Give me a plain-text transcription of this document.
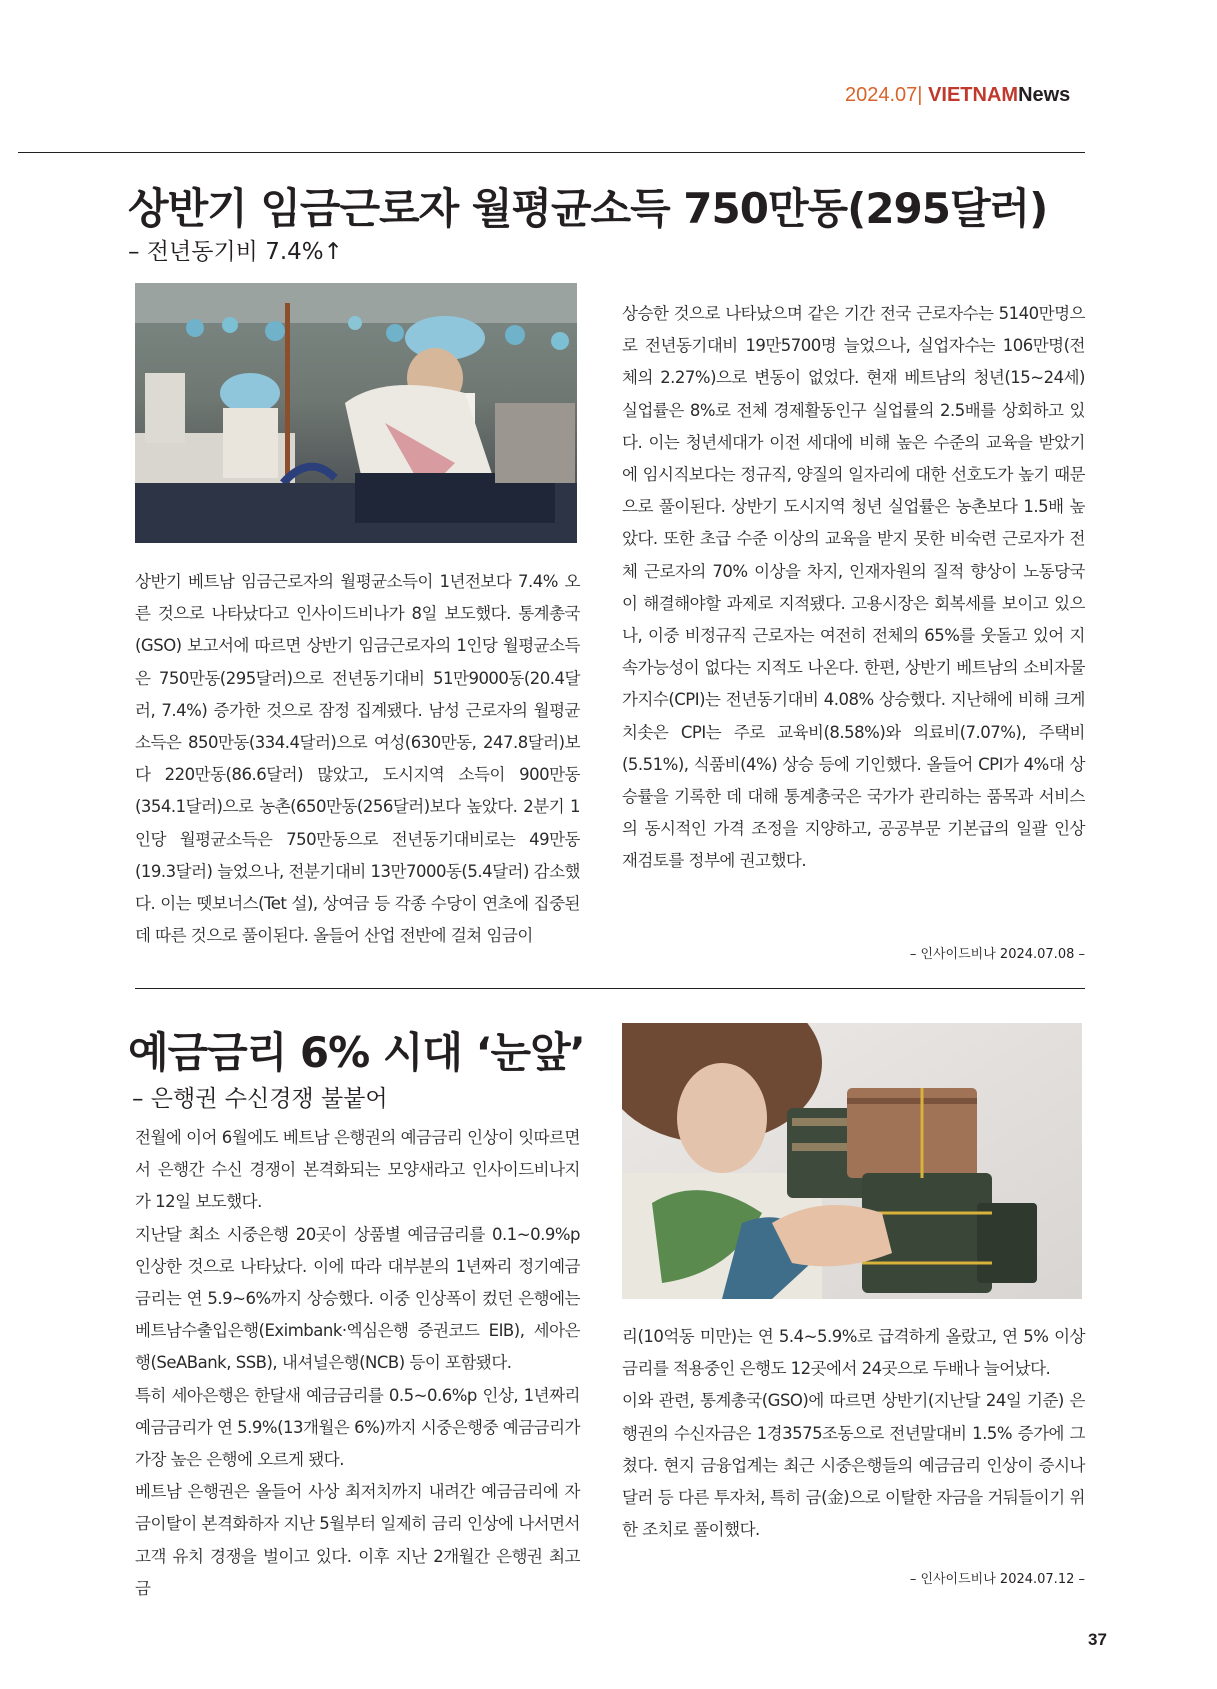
2024.07| VIETNAMNews
상반기 임금근로자 월평균소득 750만동(295달러)
– 전년동기비 7.4%↑
상반기 베트남 임금근로자의 월평균소득이 1년전보다 7.4% 오른 것으로 나타났다고 인사이드비나가 8일 보도했다. 통계총국(GSO) 보고서에 따르면 상반기 임금근로자의 1인당 월평균소득은 750만동(295달러)으로 전년동기대비 51만9000동(20.4달러, 7.4%) 증가한 것으로 잠정 집계됐다. 남성 근로자의 월평균소득은 850만동(334.4달러)으로 여성(630만동, 247.8달러)보다 220만동(86.6달러) 많았고, 도시지역 소득이 900만동(354.1달러)으로 농촌(650만동(256달러)보다 높았다. 2분기 1인당 월평균소득은 750만동으로 전년동기대비로는 49만동(19.3달러) 늘었으나, 전분기대비 13만7000동(5.4달러) 감소했다. 이는 뗏보너스(Tet 설), 상여금 등 각종 수당이 연초에 집중된 데 따른 것으로 풀이된다. 올들어 산업 전반에 걸쳐 임금이
상승한 것으로 나타났으며 같은 기간 전국 근로자수는 5140만명으로 전년동기대비 19만5700명 늘었으나, 실업자수는 106만명(전체의 2.27%)으로 변동이 없었다. 현재 베트남의 청년(15~24세) 실업률은 8%로 전체 경제활동인구 실업률의 2.5배를 상회하고 있다. 이는 청년세대가 이전 세대에 비해 높은 수준의 교육을 받았기에 임시직보다는 정규직, 양질의 일자리에 대한 선호도가 높기 때문으로 풀이된다. 상반기 도시지역 청년 실업률은 농촌보다 1.5배 높았다. 또한 초급 수준 이상의 교육을 받지 못한 비숙련 근로자가 전체 근로자의 70% 이상을 차지, 인재자원의 질적 향상이 노동당국이 해결해야할 과제로 지적됐다. 고용시장은 회복세를 보이고 있으나, 이중 비정규직 근로자는 여전히 전체의 65%를 웃돌고 있어 지속가능성이 없다는 지적도 나온다. 한편, 상반기 베트남의 소비자물가지수(CPI)는 전년동기대비 4.08% 상승했다. 지난해에 비해 크게 치솟은 CPI는 주로 교육비(8.58%)와 의료비(7.07%), 주택비(5.51%), 식품비(4%) 상승 등에 기인했다. 올들어 CPI가 4%대 상승률을 기록한 데 대해 통계총국은 국가가 관리하는 품목과 서비스의 동시적인 가격 조정을 지양하고, 공공부문 기본급의 일괄 인상 재검토를 정부에 권고했다.
– 인사이드비나 2024.07.08 –
예금금리 6% 시대 ‘눈앞’
– 은행권 수신경쟁 불붙어

전월에 이어 6월에도 베트남 은행권의 예금금리 인상이 잇따르면서 은행간 수신 경쟁이 본격화되는 모양새라고 인사이드비나지가 12일 보도했다.

지난달 최소 시중은행 20곳이 상품별 예금금리를 0.1~0.9%p 인상한 것으로 나타났다. 이에 따라 대부분의 1년짜리 정기예금 금리는 연 5.9~6%까지 상승했다. 이중 인상폭이 컸던 은행에는 베트남수출입은행(Eximbank·엑심은행 증권코드 EIB), 세아은행(SeABank, SSB), 내셔널은행(NCB) 등이 포함됐다.

특히 세아은행은 한달새 예금금리를 0.5~0.6%p 인상, 1년짜리 예금금리가 연 5.9%(13개월은 6%)까지 시중은행중 예금금리가 가장 높은 은행에 오르게 됐다.

베트남 은행권은 올들어 사상 최저치까지 내려간 예금금리에 자금이탈이 본격화하자 지난 5월부터 일제히 금리 인상에 나서면서 고객 유치 경쟁을 벌이고 있다. 이후 지난 2개월간 은행권 최고 금

리(10억동 미만)는 연 5.4~5.9%로 급격하게 올랐고, 연 5% 이상 금리를 적용중인 은행도 12곳에서 24곳으로 두배나 늘어났다.

이와 관련, 통계총국(GSO)에 따르면 상반기(지난달 24일 기준) 은행권의 수신자금은 1경3575조동으로 전년말대비 1.5% 증가에 그쳤다. 현지 금융업계는 최근 시중은행들의 예금금리 인상이 증시나 달러 등 다른 투자처, 특히 금(金)으로 이탈한 자금을 거둬들이기 위한 조치로 풀이했다.

– 인사이드비나 2024.07.12 –
37
